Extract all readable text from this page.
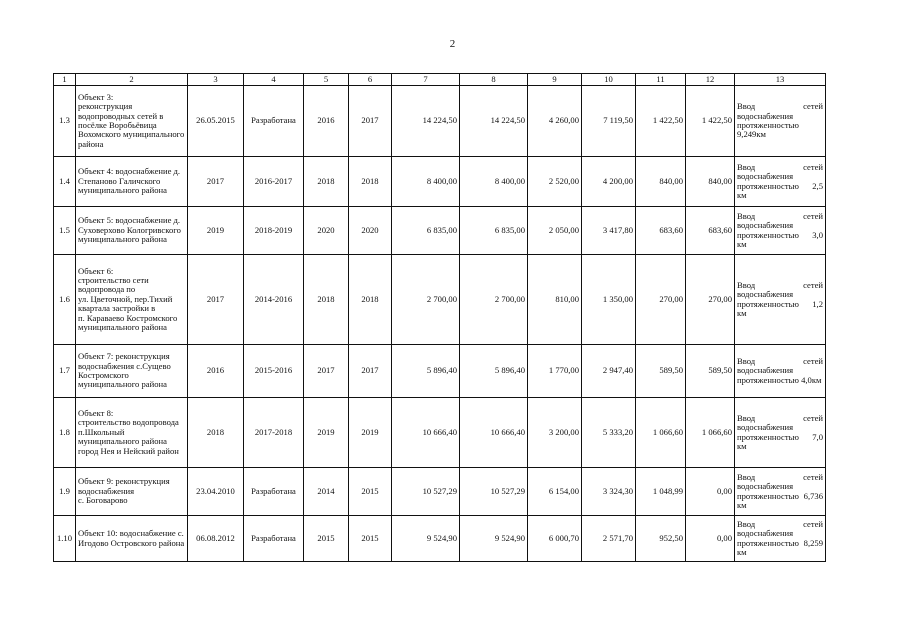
2
1	2	3	4	5	6	7	8	9	10	11	12	13
1.3	Объект 3:
реконструкция водопроводных сетей в посёлке Воробьёвица Вохомского муниципального района	26.05.2015	Разработана	2016	2017	14 224,50	14 224,50	4 260,00	7 119,50	1 422,50	1 422,50	Ввод сетей водоснабжения протяженностью 9,249км
1.4	Объект 4: водоснабжение д. Степаново Галичского муниципального района	2017	2016-2017	2018	2018	8 400,00	8 400,00	2 520,00	4 200,00	840,00	840,00	Ввод сетей водоснабжения протяженностью 2,5 км
1.5	Объект 5: водоснабжение д. Суховерхово Кологривского муниципального района	2019	2018-2019	2020	2020	6 835,00	6 835,00	2 050,00	3 417,80	683,60	683,60	Ввод сетей водоснабжения протяженностью 3,0 км
1.6	Объект 6:
строительство сети водопровода по
ул. Цветочной, пер.Тихий квартала застройки в
п. Караваево Костромского муниципального района	2017	2014-2016	2018	2018	2 700,00	2 700,00	810,00	1 350,00	270,00	270,00	Ввод сетей водоснабжения протяженностью 1,2 км
1.7	Объект 7: реконструкция водоснабжения с.Сущево Костромского муниципального района	2016	2015-2016	2017	2017	5 896,40	5 896,40	1 770,00	2 947,40	589,50	589,50	Ввод сетей водоснабжения протяженностью 4,0км
1.8	Объект 8:
строительство водопровода п.Школьный муниципального района город Нея и Нейский район	2018	2017-2018	2019	2019	10 666,40	10 666,40	3 200,00	5 333,20	1 066,60	1 066,60	Ввод сетей водоснабжения протяженностью 7,0 км
1.9	Объект 9: реконструкция водоснабжения
с. Боговарово	23.04.2010	Разработана	2014	2015	10 527,29	10 527,29	6 154,00	3 324,30	1 048,99	0,00	Ввод сетей водоснабжения протяженностью 6,736 км
1.10	Объект 10: водоснабжение с. Игодово Островского района	06.08.2012	Разработана	2015	2015	9 524,90	9 524,90	6 000,70	2 571,70	952,50	0,00	Ввод сетей водоснабжения протяженностью 8,259 км
